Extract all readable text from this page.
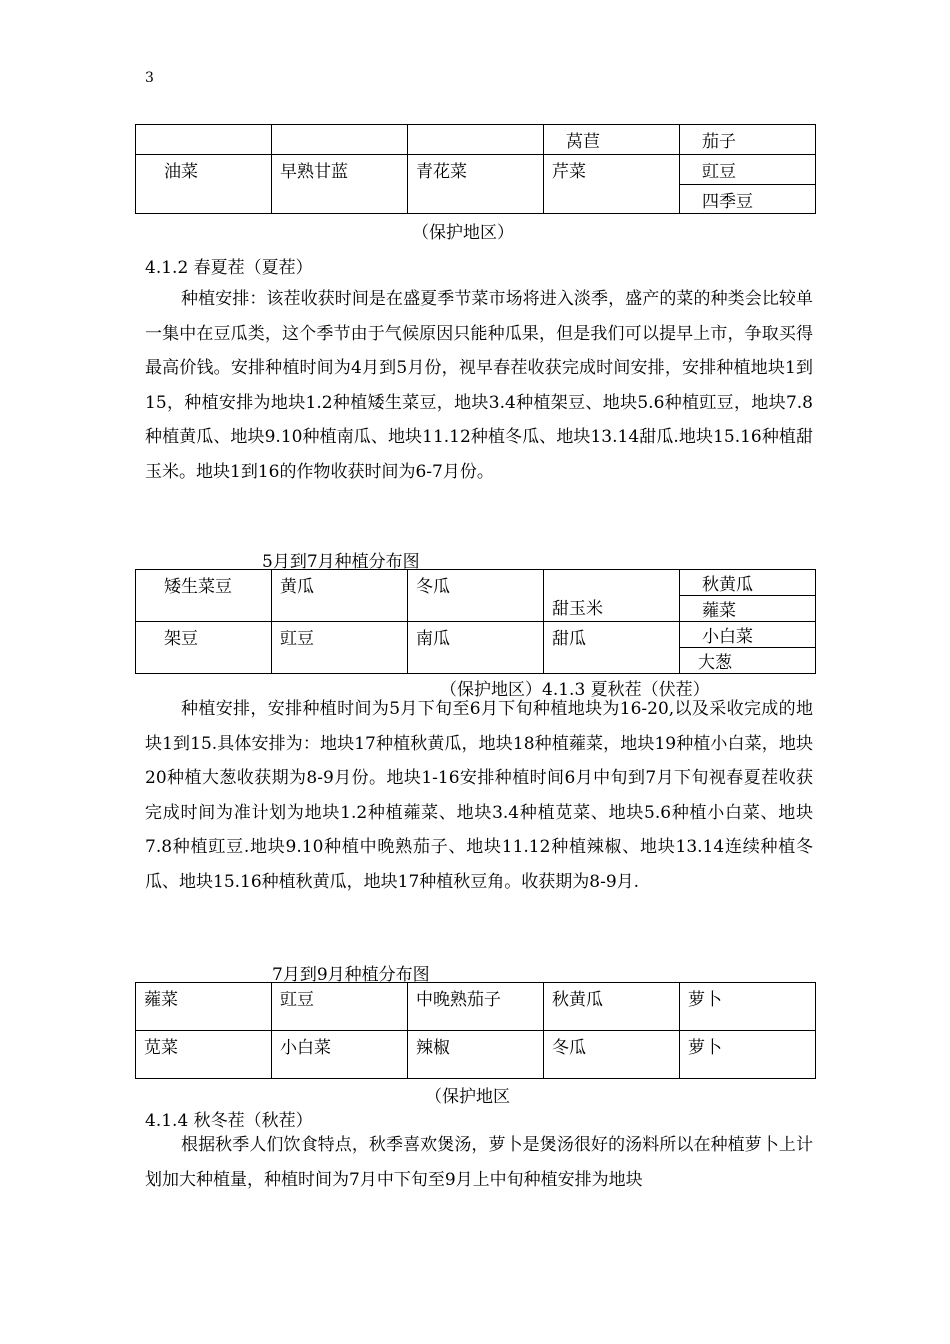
3
			莴苣	茄子
油菜	早熟甘蓝	青花菜	芹菜	豇豆
				四季豆
（保护地区）
4.1.2 春夏茬（夏茬）

种植安排：该茬收获时间是在盛夏季节菜市场将进入淡季，盛产的菜的种类会比较单一集中在豆瓜类，这个季节由于气候原因只能种瓜果，但是我们可以提早上市，争取买得最高价钱。安排种植时间为4月到5月份，视早春茬收获完成时间安排，安排种植地块1到15，种植安排为地块1.2种植矮生菜豆，地块3.4种植架豆、地块5.6种植豇豆，地块7.8种植黄瓜、地块9.10种植南瓜、地块11.12种植冬瓜、地块13.14甜瓜.地块15.16种植甜玉米。地块1到16的作物收获时间为6-7月份。

5月到7月种植分布图
矮生菜豆	黄瓜	冬瓜	甜玉米	秋黄瓜
				蕹菜
架豆	豇豆	南瓜	甜瓜	小白菜
				大葱
（保护地区）4.1.3 夏秋茬（伏茬）

种植安排，安排种植时间为5月下旬至6月下旬种植地块为16-20,以及采收完成的地块1到15.具体安排为：地块17种植秋黄瓜，地块18种植蕹菜，地块19种植小白菜，地块20种植大葱收获期为8-9月份。地块1-16安排种植时间6月中旬到7月下旬视春夏茬收获完成时间为准计划为地块1.2种植蕹菜、地块3.4种植苋菜、地块5.6种植小白菜、地块7.8种植豇豆.地块9.10种植中晚熟茄子、地块11.12种植辣椒、地块13.14连续种植冬瓜、地块15.16种植秋黄瓜，地块17种植秋豆角。收获期为8-9月.

7月到9月种植分布图
蕹菜	豇豆	中晚熟茄子	秋黄瓜	萝卜
苋菜	小白菜	辣椒	冬瓜	萝卜
（保护地区
4.1.4 秋冬茬（秋茬）

根据秋季人们饮食特点，秋季喜欢煲汤，萝卜是煲汤很好的汤料所以在种植萝卜上计划加大种植量，种植时间为7月中下旬至9月上中旬种植安排为地块
